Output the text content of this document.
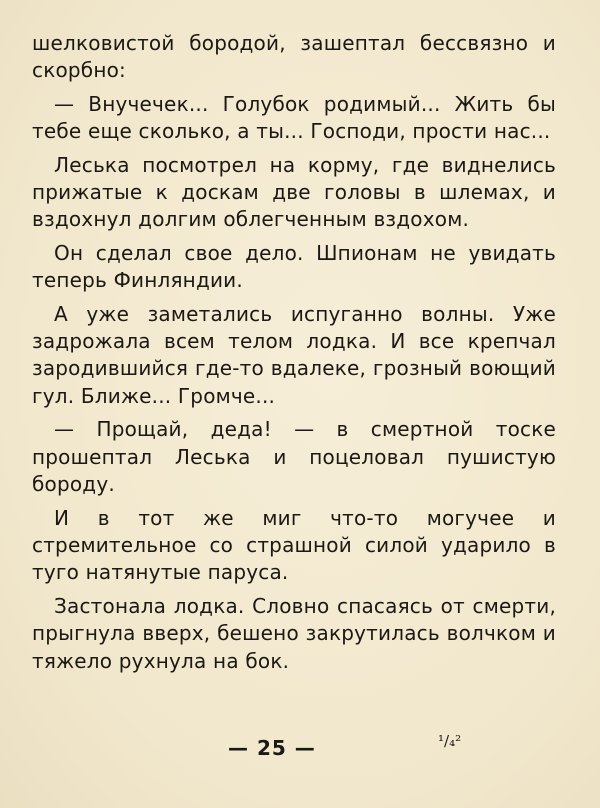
шелковистой бородой, зашептал бессвязно и скорбно:

— Внучечек... Голубок родимый... Жить бы тебе еще сколько, а ты... Господи, прости нас...

Леська посмотрел на корму, где виднелись прижатые к доскам две головы в шлемах, и вздохнул долгим облегченным вздохом.

Он сделал свое дело. Шпионам не увидать теперь Финляндии.

А уже заметались испуганно волны. Уже задрожала всем телом лодка. И все крепчал зародившийся где-то вдалеке, грозный воющий гул. Ближе... Громче...

— Прощай, деда! — в смертной тоске прошептал Леська и поцеловал пушистую бороду.

И в тот же миг что-то могучее и стремительное со страшной силой ударило в туго натянутые паруса.

Застонала лодка. Словно спасаясь от смерти, прыгнула вверх, бешено закрутилась волчком и тяжело рухнула на бок.

— 25 —	¹/₄²
